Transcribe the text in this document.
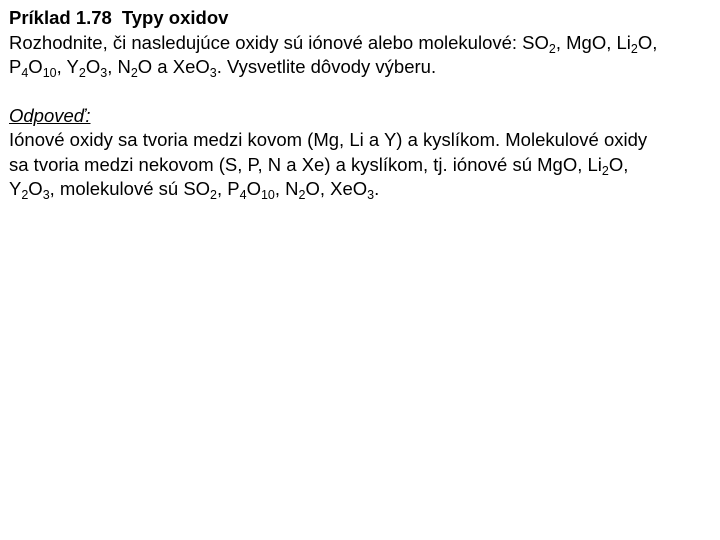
Príklad 1.78 Typy oxidov

Rozhodnite, či nasledujúce oxidy sú iónové alebo molekulové: $SO_2$, MgO, $Li_2O$,

$P_4O_{10}$, $Y_2O_3$, $N_2O$ a XeO$_3$. Vysvetlite dôvody výberu.

Odpoveď:

Iónové oxidy sa tvoria medzi kovom (Mg, Li a Y) a kyslíkom. Molekulové oxidy

sa tvoria medzi nekovom (S, P, N a Xe) a kyslíkom, tj. iónové sú MgO, $Li_2O$,

$Y_2O_3$, molekulové sú $SO_2$, $P_4O_{10}$, $N_2O$, XeO$_3$.
